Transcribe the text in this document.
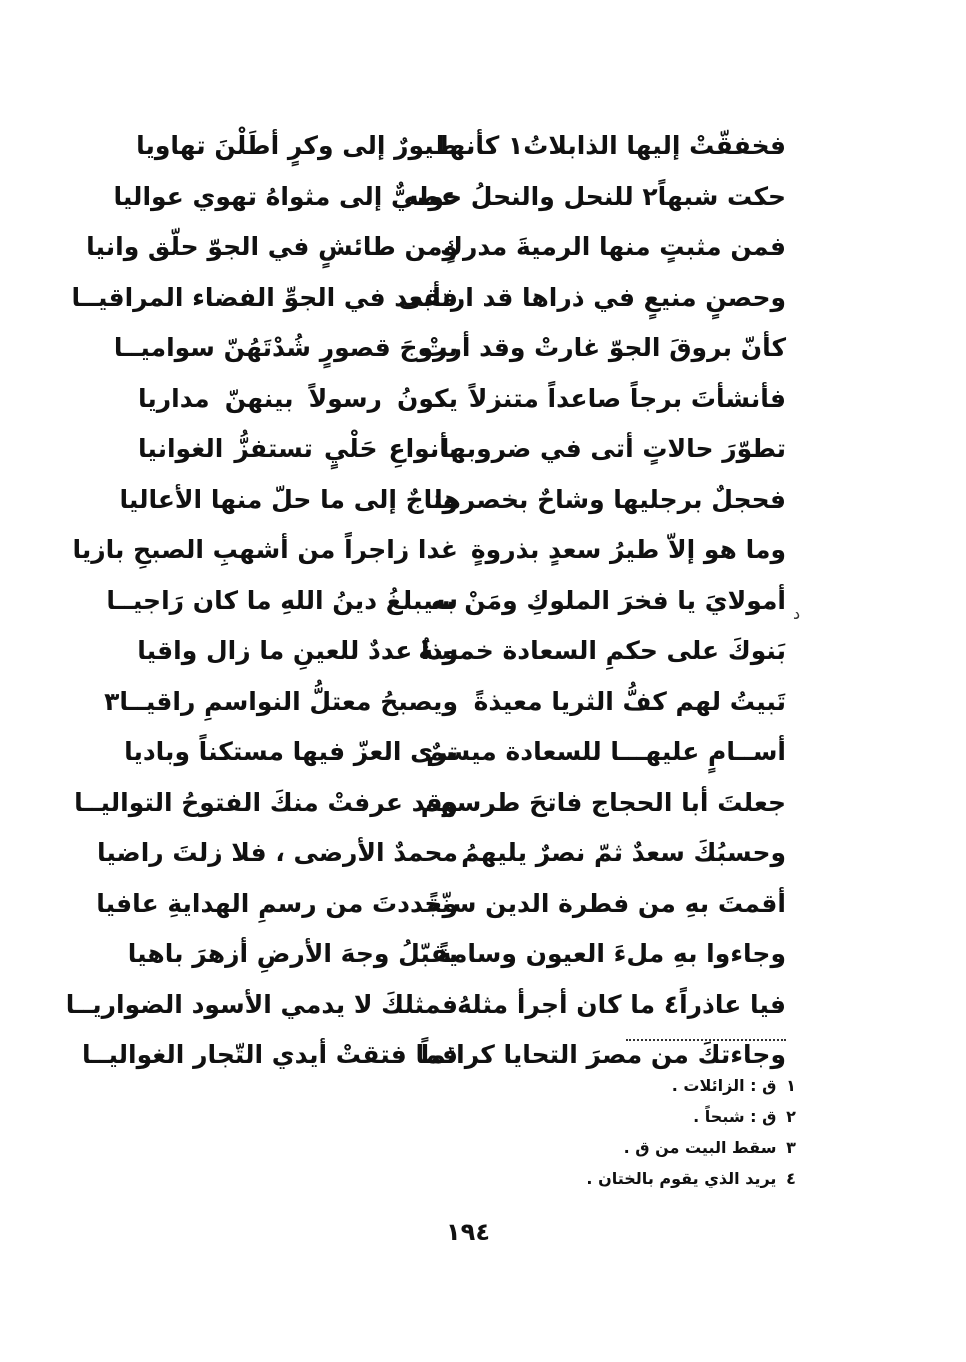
فخفقّتْ إليها الذابلاتُ١ كأنها
حكت شبهاً٢ للنحل والنحلُ حوله
فمن مثبتٍ منها الرميةَ مدركٍ
وحصنٍ منيعٍ في ذراها قد ارتقى
كأنّ بروقَ الجوّ غارتْ وقد أرتْ
فأنشأتَ برجاً صاعداً متنزلاً
تطوّرَ حالاتٍ أتى في ضروبها
فحجلٌ برجليها وشاحٌ بخصرها
وما هو إلاّ طيرُ سعدٍ بذروةٍ
أمولايَ يا فخرَ الملوكِ ومَنْ به
بَنوكَ على حكمِ السعادة خمسةٌ
تَبيتُ لهم كفُّ الثريا معيذةً
أســامٍ عليهـــا للسعادة ميسمٌ
جعلتَ أبا الحجاج فاتحَ طرسهم
وحسبُكَ سعدٌ ثمّ نصرٌ يليهمُ
أقمتَ بهِ من فطرة الدين سنّةً
وجاءوا بهِ ملءَ العيون وسامةً
فيا عاذراً٤ ما كان أجرأ مثلهُ
وجاءتكَ من مصرَ التحايا كرائماً
طيورٌ إلى وكرٍ أطَلْنَ تهاويا
عصيٌّ إلى مثواهُ تهوي عواليا
ومن طائشٍ في الجوّ حلّق وانيا
فأبعد في الجوِّ الفضاء المراقيــا
بروجَ قصورٍ شُدْتَهُنّ سواميــا
يكونُ رسولاً بينهنّ مداريا
بأنواعِ حَلْيٍ تستفزُّ الغوانيا
وتاجٌ إلى ما حلّ منها الأعاليا
غدا زاجراً من أشهبِ الصبحِ بازيا
سيبلغُ دينُ اللهِ ما كان رَاجيــا
وذا عددٌ للعينِ ما زال واقيا
ويصبحُ معتلُّ النواسمِ راقيــا٣
ترى العزّ فيها مستكناً وباديا
وقد عرفتْ منكَ الفتوحُ التواليــا
محمدٌ الأرضى ، فلا زلتَ راضيا
وجددتَ من رسمِ الهدايةِ عافيا
يقبّلُ وجهَ الأرضِ أزهرَ باهيا
فمثلكَ لا يدمي الأسود الضواريــا
فما فتقتْ أيدي التّجار الغواليــا
د
١ ق : الزائلات .
٢ ق : شبحاً .
٣ سقط البيت من ق .
٤ يريد الذي يقوم بالختان .
١٩٤
